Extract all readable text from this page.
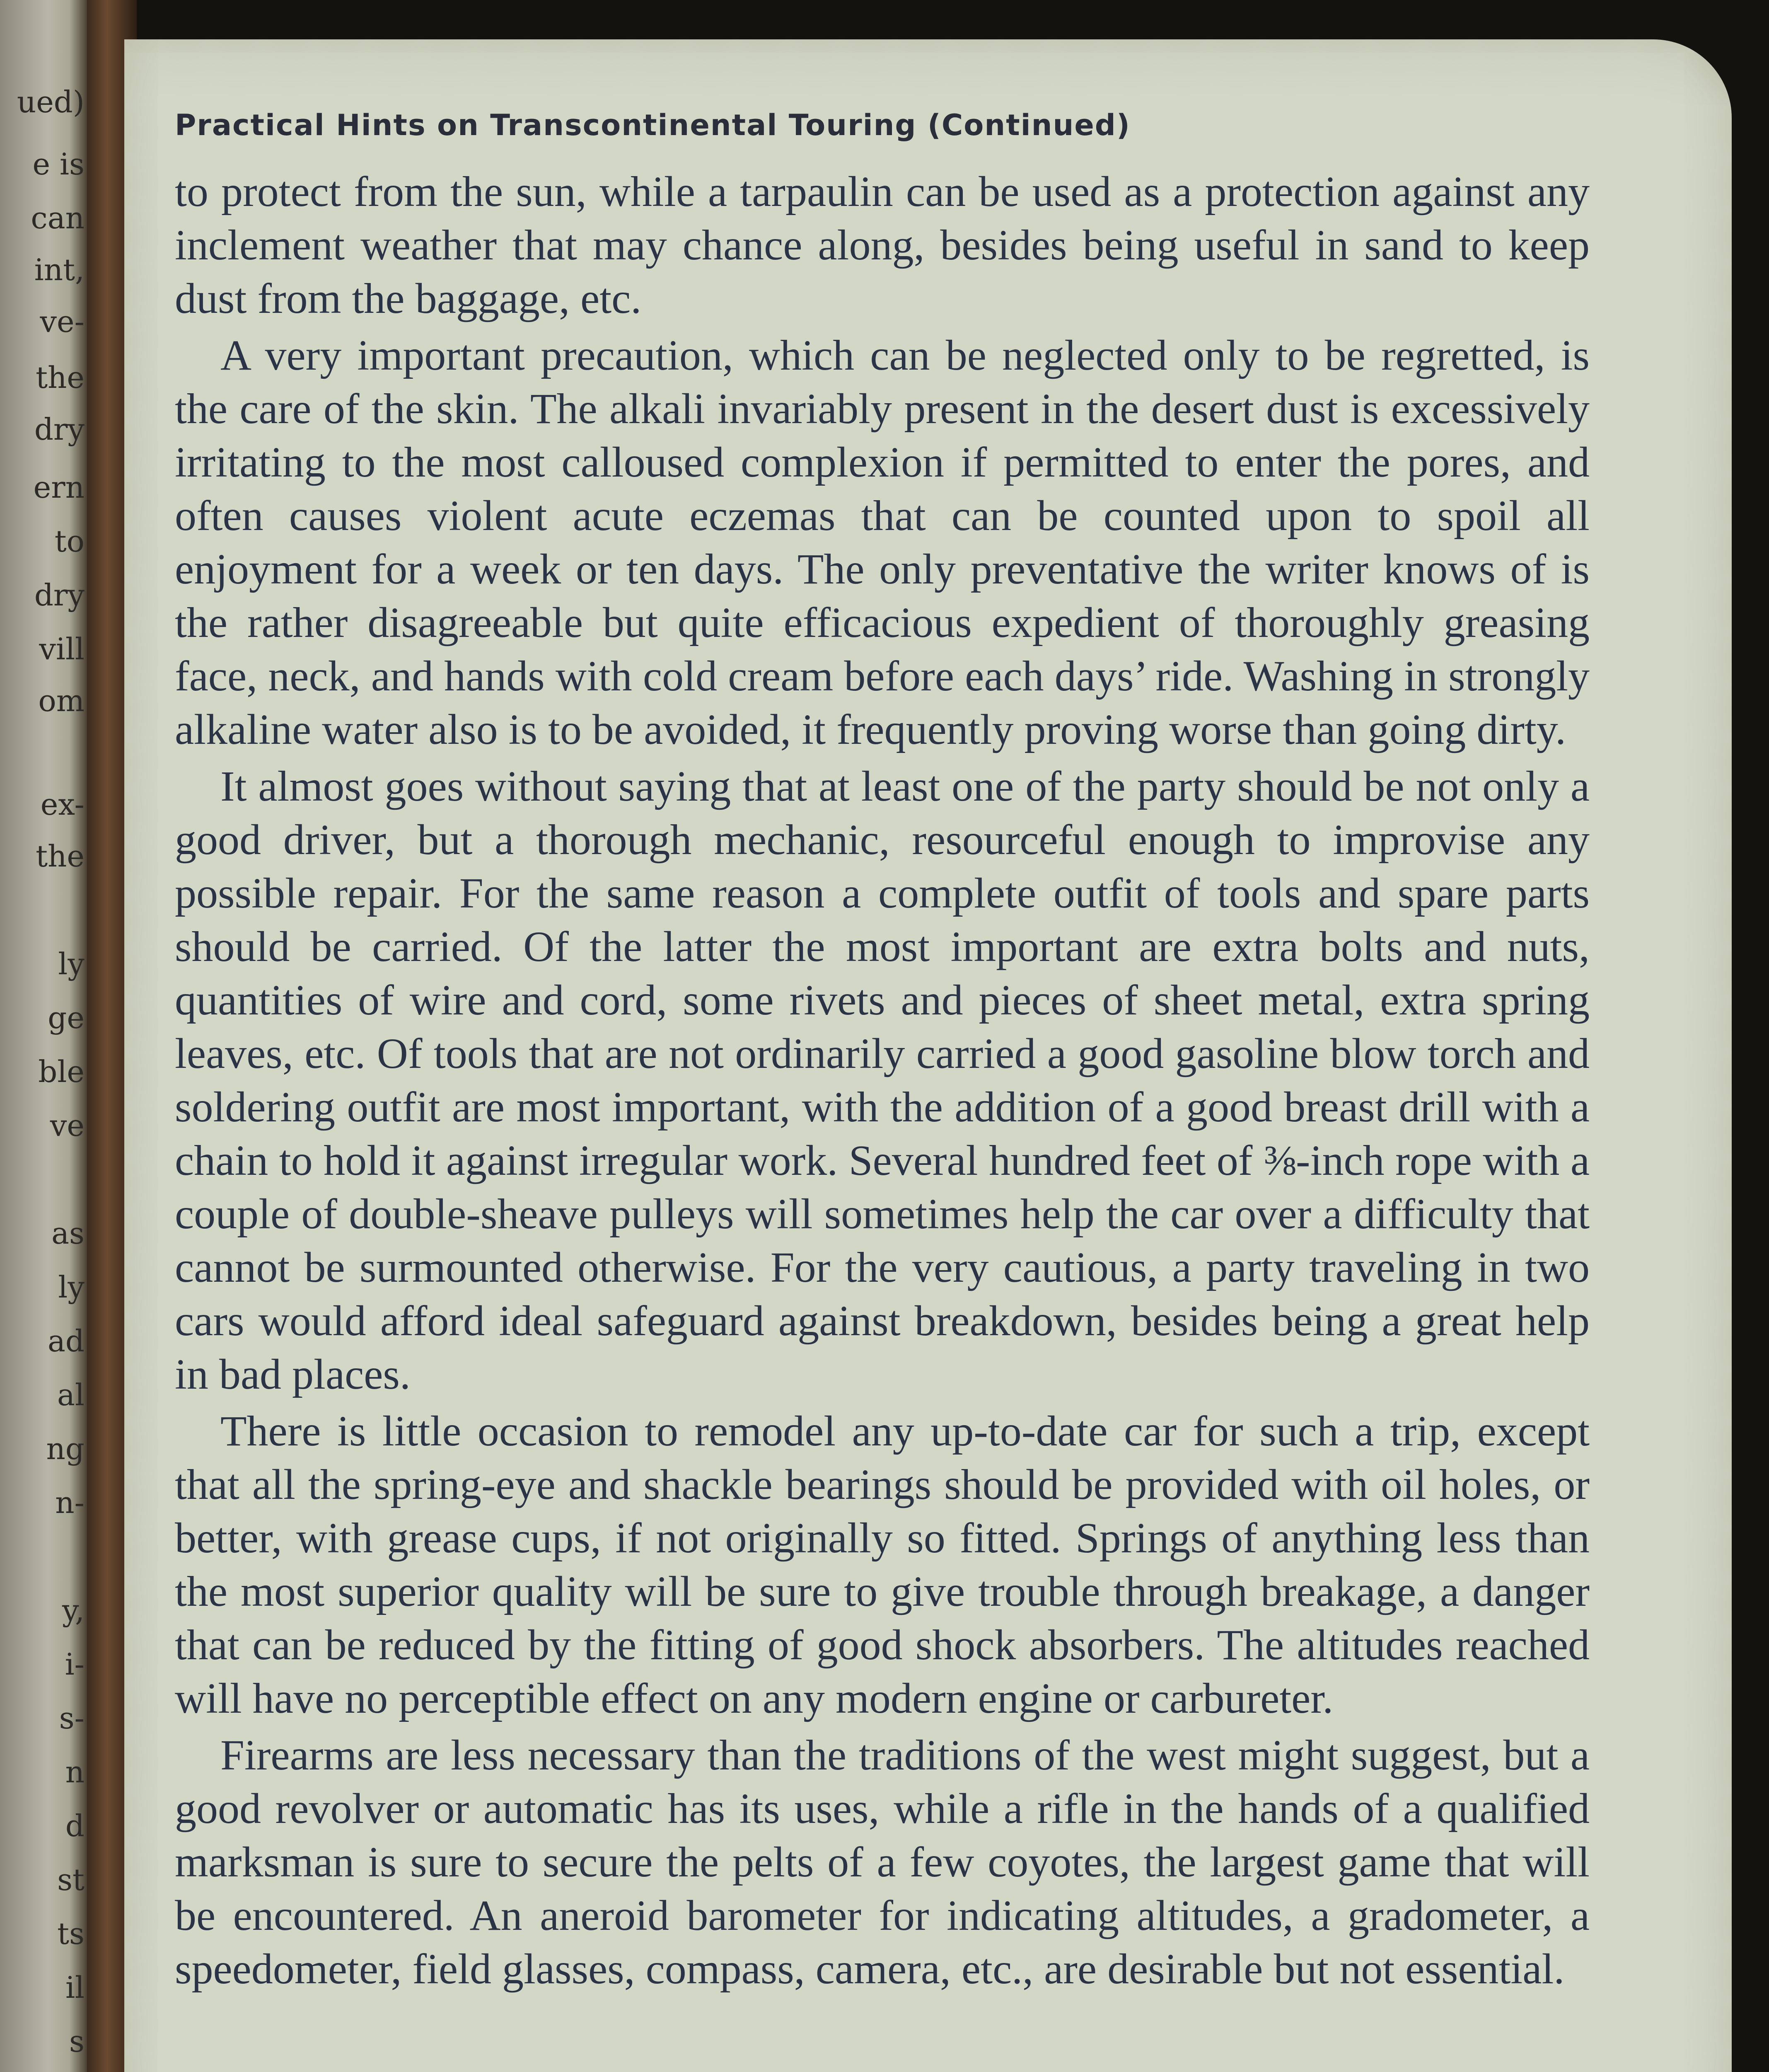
ued)
e is
can
int,
ve-
the
dry
ern
to
dry
vill
om
ex-
the
ly
ge
ble
ve
as
ly
ad
al
ng
n-
y,
i-
s-
n
d
st
ts
il
s
Practical Hints on Transcontinental Touring (Continued)

to protect from the sun, while a tarpaulin can be used as a protection against any inclement weather that may chance along, besides being useful in sand to keep dust from the baggage, etc.

A very important precaution, which can be neglected only to be regretted, is the care of the skin. The alkali invariably present in the desert dust is excessively irritating to the most calloused complexion if permitted to enter the pores, and often causes violent acute eczemas that can be counted upon to spoil all enjoyment for a week or ten days. The only preventative the writer knows of is the rather disagreeable but quite efficacious expedient of thoroughly greasing face, neck, and hands with cold cream before each days’ ride. Washing in strongly alkaline water also is to be avoided, it frequently proving worse than going dirty.

It almost goes without saying that at least one of the party should be not only a good driver, but a thorough mechanic, resourceful enough to improvise any possible repair. For the same reason a complete outfit of tools and spare parts should be carried. Of the latter the most important are extra bolts and nuts, quantities of wire and cord, some rivets and pieces of sheet metal, extra spring leaves, etc. Of tools that are not ordinarily carried a good gasoline blow torch and soldering outfit are most important, with the addition of a good breast drill with a chain to hold it against irregular work. Several hundred feet of ⅜-inch rope with a couple of double-sheave pulleys will sometimes help the car over a difficulty that cannot be surmounted otherwise. For the very cautious, a party traveling in two cars would afford ideal safeguard against breakdown, besides being a great help in bad places.

There is little occasion to remodel any up-to-date car for such a trip, except that all the spring-eye and shackle bearings should be provided with oil holes, or better, with grease cups, if not originally so fitted. Springs of anything less than the most superior quality will be sure to give trouble through breakage, a danger that can be reduced by the fitting of good shock absorbers. The altitudes reached will have no perceptible effect on any modern engine or carbureter.

Firearms are less necessary than the traditions of the west might suggest, but a good revolver or automatic has its uses, while a rifle in the hands of a qualified marksman is sure to secure the pelts of a few coyotes, the largest game that will be encountered. An aneroid barometer for indicating altitudes, a gradometer, a speedometer, field glasses, compass, camera, etc., are desirable but not essential.
